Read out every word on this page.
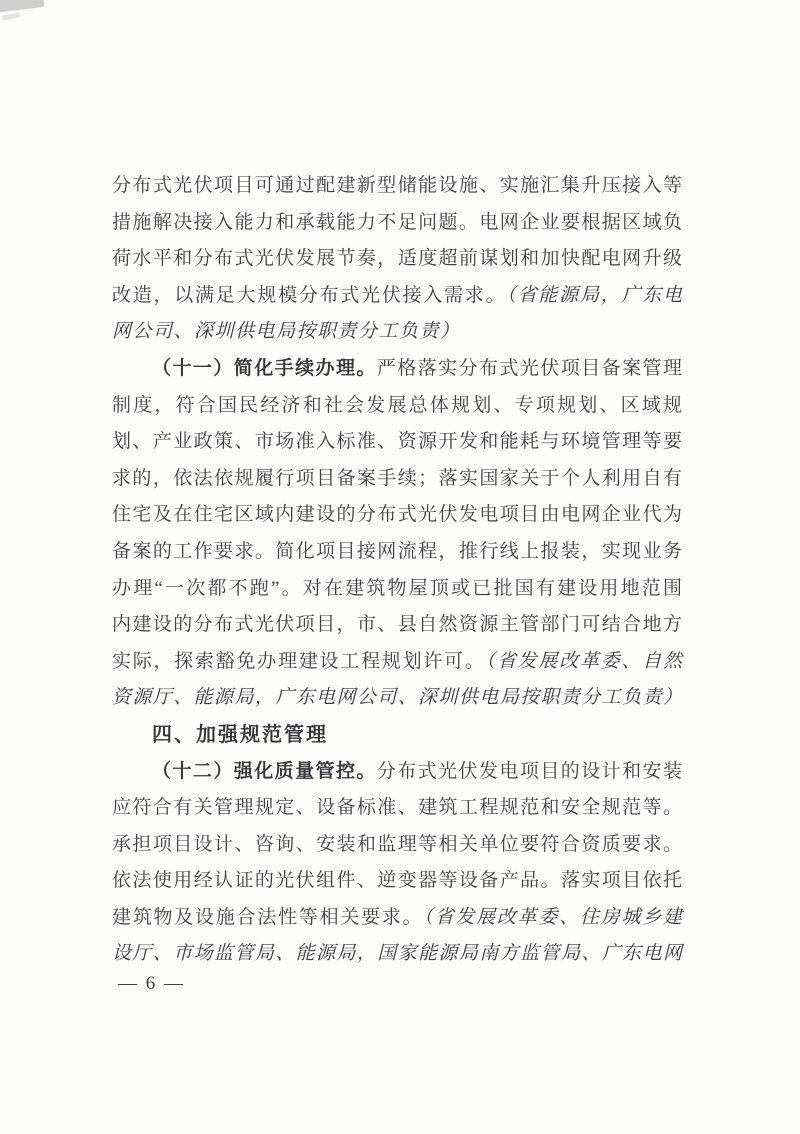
分布式光伏项目可通过配建新型储能设施、实施汇集升压接入等
措施解决接入能力和承载能力不足问题。电网企业要根据区域负
荷水平和分布式光伏发展节奏，适度超前谋划和加快配电网升级
改造，以满足大规模分布式光伏接入需求。（省能源局，广东电
网公司、深圳供电局按职责分工负责）
（十一）简化手续办理。严格落实分布式光伏项目备案管理
制度，符合国民经济和社会发展总体规划、专项规划、区域规
划、产业政策、市场准入标准、资源开发和能耗与环境管理等要
求的，依法依规履行项目备案手续；落实国家关于个人利用自有
住宅及在住宅区域内建设的分布式光伏发电项目由电网企业代为
备案的工作要求。简化项目接网流程，推行线上报装，实现业务
办理“一次都不跑”。对在建筑物屋顶或已批国有建设用地范围
内建设的分布式光伏项目，市、县自然资源主管部门可结合地方
实际，探索豁免办理建设工程规划许可。（省发展改革委、自然
资源厅、能源局，广东电网公司、深圳供电局按职责分工负责）
四、加强规范管理
（十二）强化质量管控。分布式光伏发电项目的设计和安装
应符合有关管理规定、设备标准、建筑工程规范和安全规范等。
承担项目设计、咨询、安装和监理等相关单位要符合资质要求。
依法使用经认证的光伏组件、逆变器等设备产品。落实项目依托
建筑物及设施合法性等相关要求。（省发展改革委、住房城乡建
设厅、市场监管局、能源局，国家能源局南方监管局、广东电网
— 6 —
